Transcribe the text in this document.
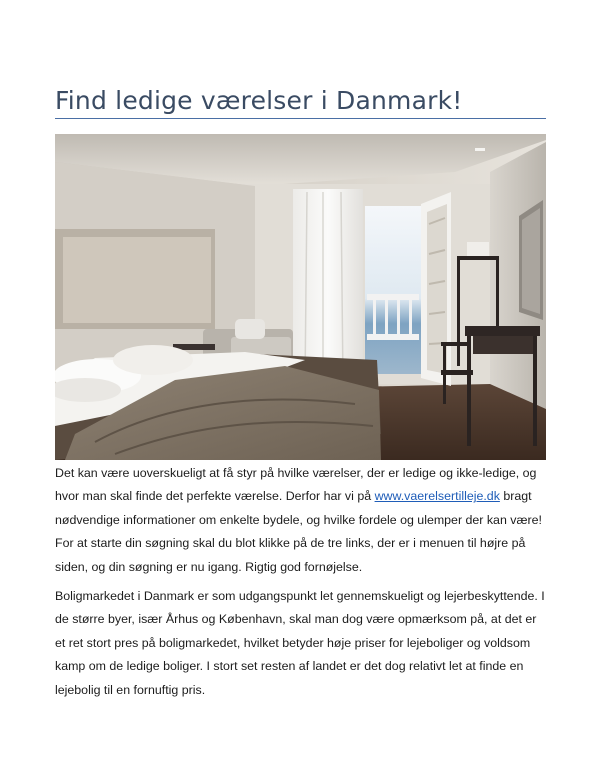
Find ledige værelser i Danmark!

Det kan være uoverskueligt at få styr på hvilke værelser, der er ledige og ikke-ledige, og hvor man skal finde det perfekte værelse. Derfor har vi på www.vaerelsertilleje.dk bragt nødvendige informationer om enkelte bydele, og hvilke fordele og ulemper der kan være! For at starte din søgning skal du blot klikke på de tre links, der er i menuen til højre på siden, og din søgning er nu igang. Rigtig god fornøjelse.

Boligmarkedet i Danmark er som udgangspunkt let gennemskueligt og lejerbeskyttende. I de større byer, især Århus og København, skal man dog være opmærksom på, at det er et ret stort pres på boligmarkedet, hvilket betyder høje priser for lejeboliger og voldsom kamp om de ledige boliger. I stort set resten af landet er det dog relativt let at finde en lejebolig til en fornuftig pris.
